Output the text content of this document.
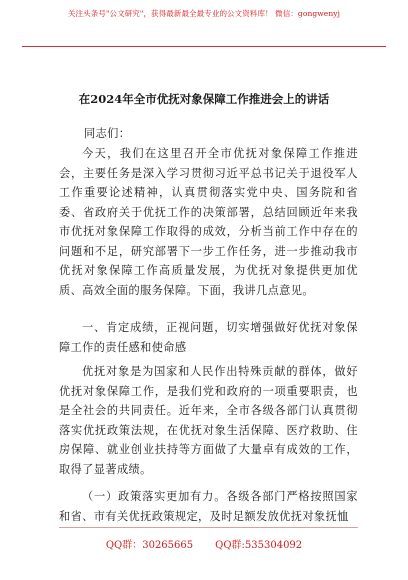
关注头条号"公文研究"，获得最新最全最专业的公文资料库！ 微信：gongwenyj
在2024年全市优抚对象保障工作推进会上的讲话
同志们：
今天，我们在这里召开全市优抚对象保障工作推进会，主要任务是深入学习贯彻习近平总书记关于退役军人工作重要论述精神，认真贯彻落实党中央、国务院和省委、省政府关于优抚工作的决策部署，总结回顾近年来我市优抚对象保障工作取得的成效，分析当前工作中存在的问题和不足，研究部署下一步工作任务，进一步推动我市优抚对象保障工作高质量发展，为优抚对象提供更加优质、高效全面的服务保障。下面，我讲几点意见。
一、肯定成绩，正视问题，切实增强做好优抚对象保障工作的责任感和使命感
优抚对象是为国家和人民作出特殊贡献的群体，做好优抚对象保障工作，是我们党和政府的一项重要职责，也是全社会的共同责任。近年来，全市各级各部门认真贯彻落实优抚政策法规，在优抚对象生活保障、医疗救助、住房保障、就业创业扶持等方面做了大量卓有成效的工作，取得了显著成绩。
（一）政策落实更加有力。各级各部门严格按照国家和省、市有关优抚政策规定，及时足额发放优抚对象抚恤
QQ群：30265665 QQ群:535304092
